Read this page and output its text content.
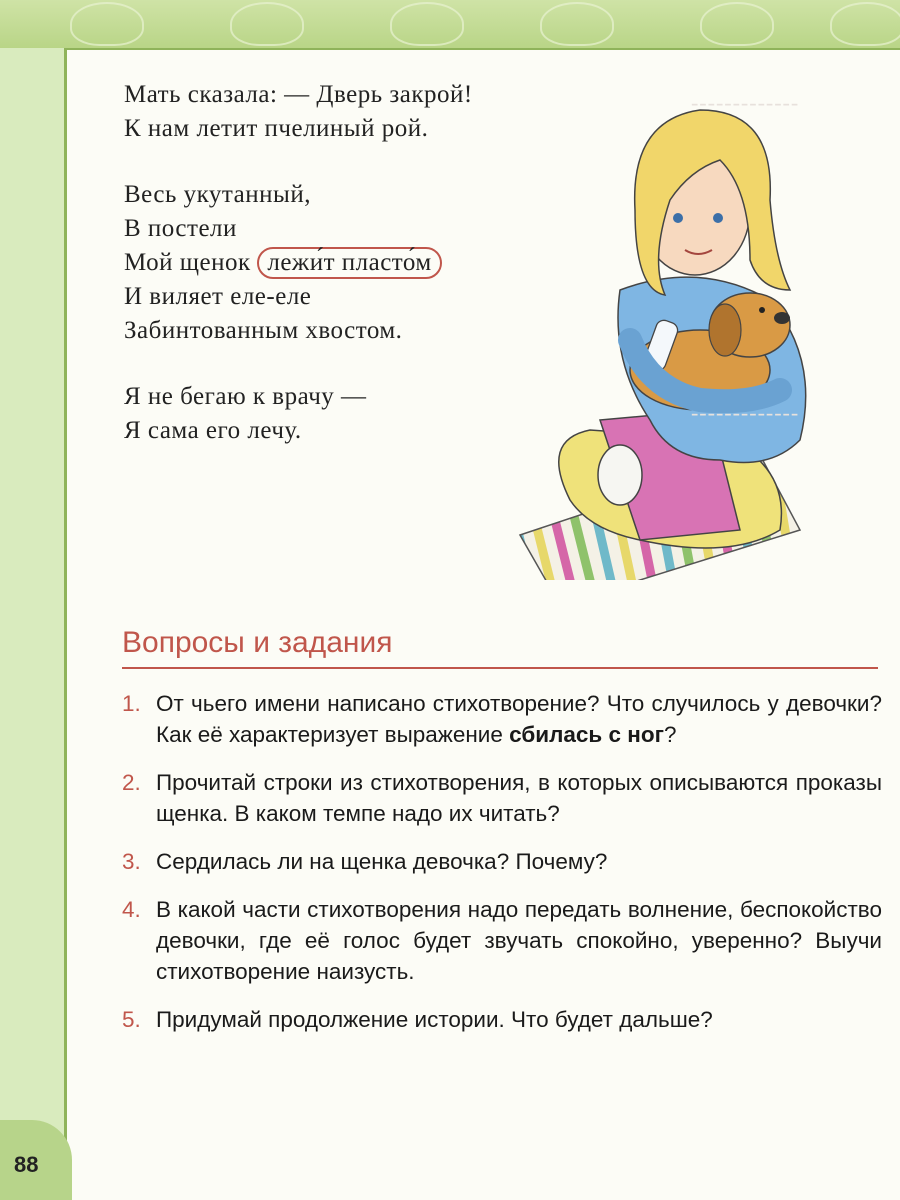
88
Мать сказала: — Дверь закрой!
К нам летит пчелиный рой.
Весь укутанный,
В постели
Мой щенок лежи́т пласто́м
И виляет еле-еле
Забинтованным хвостом.
Я не бегаю к врачу —
Я сама его лечу.
-------------
-------------
Вопросы и задания
1. От чьего имени написано стихотворение? Что случилось у девочки? Как её характеризует выражение сбилась с ног?
2. Прочитай строки из стихотворения, в которых описываются проказы щенка. В каком темпе надо их читать?
3. Сердилась ли на щенка девочка? Почему?
4. В какой части стихотворения надо передать волнение, беспокойство девочки, где её голос будет звучать спокойно, уверенно? Выучи стихотворение наизусть.
5. Придумай продолжение истории. Что будет дальше?
